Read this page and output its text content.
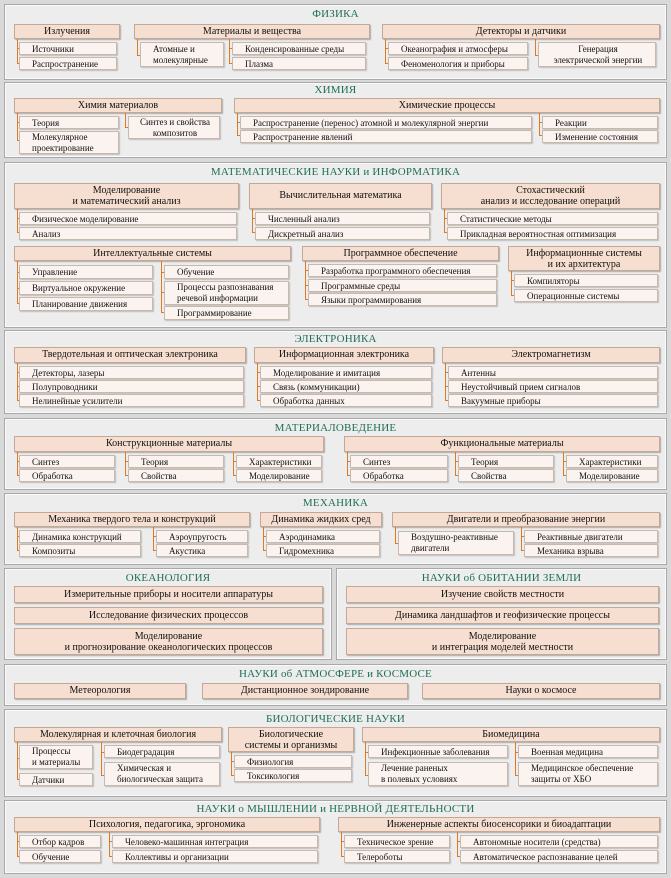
ФИЗИКА
Излучения
Источники
Распространение
Материалы и вещества
Атомные и
молекулярные
Конденсированные среды
Плазма
Детекторы и датчики
Океанография и атмосферы
Феноменология и приборы
Генерация
электрической энергии
ХИМИЯ
Химия материалов
Теория
Молекулярное
проектирование
Синтез и свойства
композитов
Химические процессы
Распространение (перенос) атомной и молекулярной энергии
Распространение явлений
Реакции
Изменение состояния
МАТЕМАТИЧЕСКИЕ НАУКИ и ИНФОРМАТИКА
Моделирование
и математический анализ
Физическое моделирование
Анализ
Вычислительная математика
Численный анализ
Дискретный анализ
Стохастический
анализ и исследование операций
Статистические методы
Прикладная вероятностная оптимизация
Интеллектуальные системы
Управление
Виртуальное окружение
Планирование движения
Обучение
Процессы разпознавания
речевой информации
Программирование
Программное обеспечение
Разработка программного обеспечения
Программные среды
Языки программирования
Информационные системы
и их архитектура
Компиляторы
Операционные системы
ЭЛЕКТРОНИКА
Твердотельная и оптическая электроника
Детекторы, лазеры
Полупроводники
Нелинейные усилители
Информационная электроника
Моделирование и имитация
Связь (коммуникации)
Обработка данных
Электромагнетизм
Антенны
Неустойчивый прием сигналов
Вакуумные приборы
МАТЕРИАЛОВЕДЕНИЕ
Конструкционные материалы
Синтез
Обработка
Теория
Свойства
Характеристики
Моделирование
Функциональные материалы
Синтез
Обработка
Теория
Свойства
Характеристики
Моделирование
МЕХАНИКА
Механика твердого тела и конструкций
Динамика конструкций
Композиты
Аэроупругость
Акустика
Динамика жидких сред
Аэродинамика
Гидромехника
Двигатели и преобразование энергии
Воздушно-реактивные
двигатели
Реактивные двигатели
Механика взрыва
ОКЕАНОЛОГИЯ
Измерительные приборы и носители аппаратуры
Исследование физических процессов
Моделирование
и прогнозирование океанологических процессов
НАУКИ об ОБИТАНИИ ЗЕМЛИ
Изучение свойств местности
Динамика ландшафтов и геофизические процессы
Моделирование
и интеграция моделей местности
НАУКИ об АТМОСФЕРЕ и КОСМОСЕ
Метеорология	Дистанционное зондирование	Науки о космосе
БИОЛОГИЧЕСКИЕ НАУКИ
Молекулярная и клеточная биология
Процессы
и материалы
Датчики
Биодеградация
Химическая и
биологическая защита
Биологические
системы и организмы
Физиология
Токсикология
Биомедицина
Инфекционные заболевания
Лечение раненых
в полевых условиях
Военная медицина
Медицинское обеспечение
защиты от ХБО
НАУКИ о МЫШЛЕНИИ и НЕРВНОЙ ДЕЯТЕЛЬНОСТИ
Психология, педагогика, эргономика
Отбор кадров
Обучение
Человеко-машинная интеграция
Коллективы и организации
Инженерные аспекты биосенсорики и биоадаптации
Техническое зрение
Телероботы
Автономные носители (средства)
Автоматическое распознавание целей
